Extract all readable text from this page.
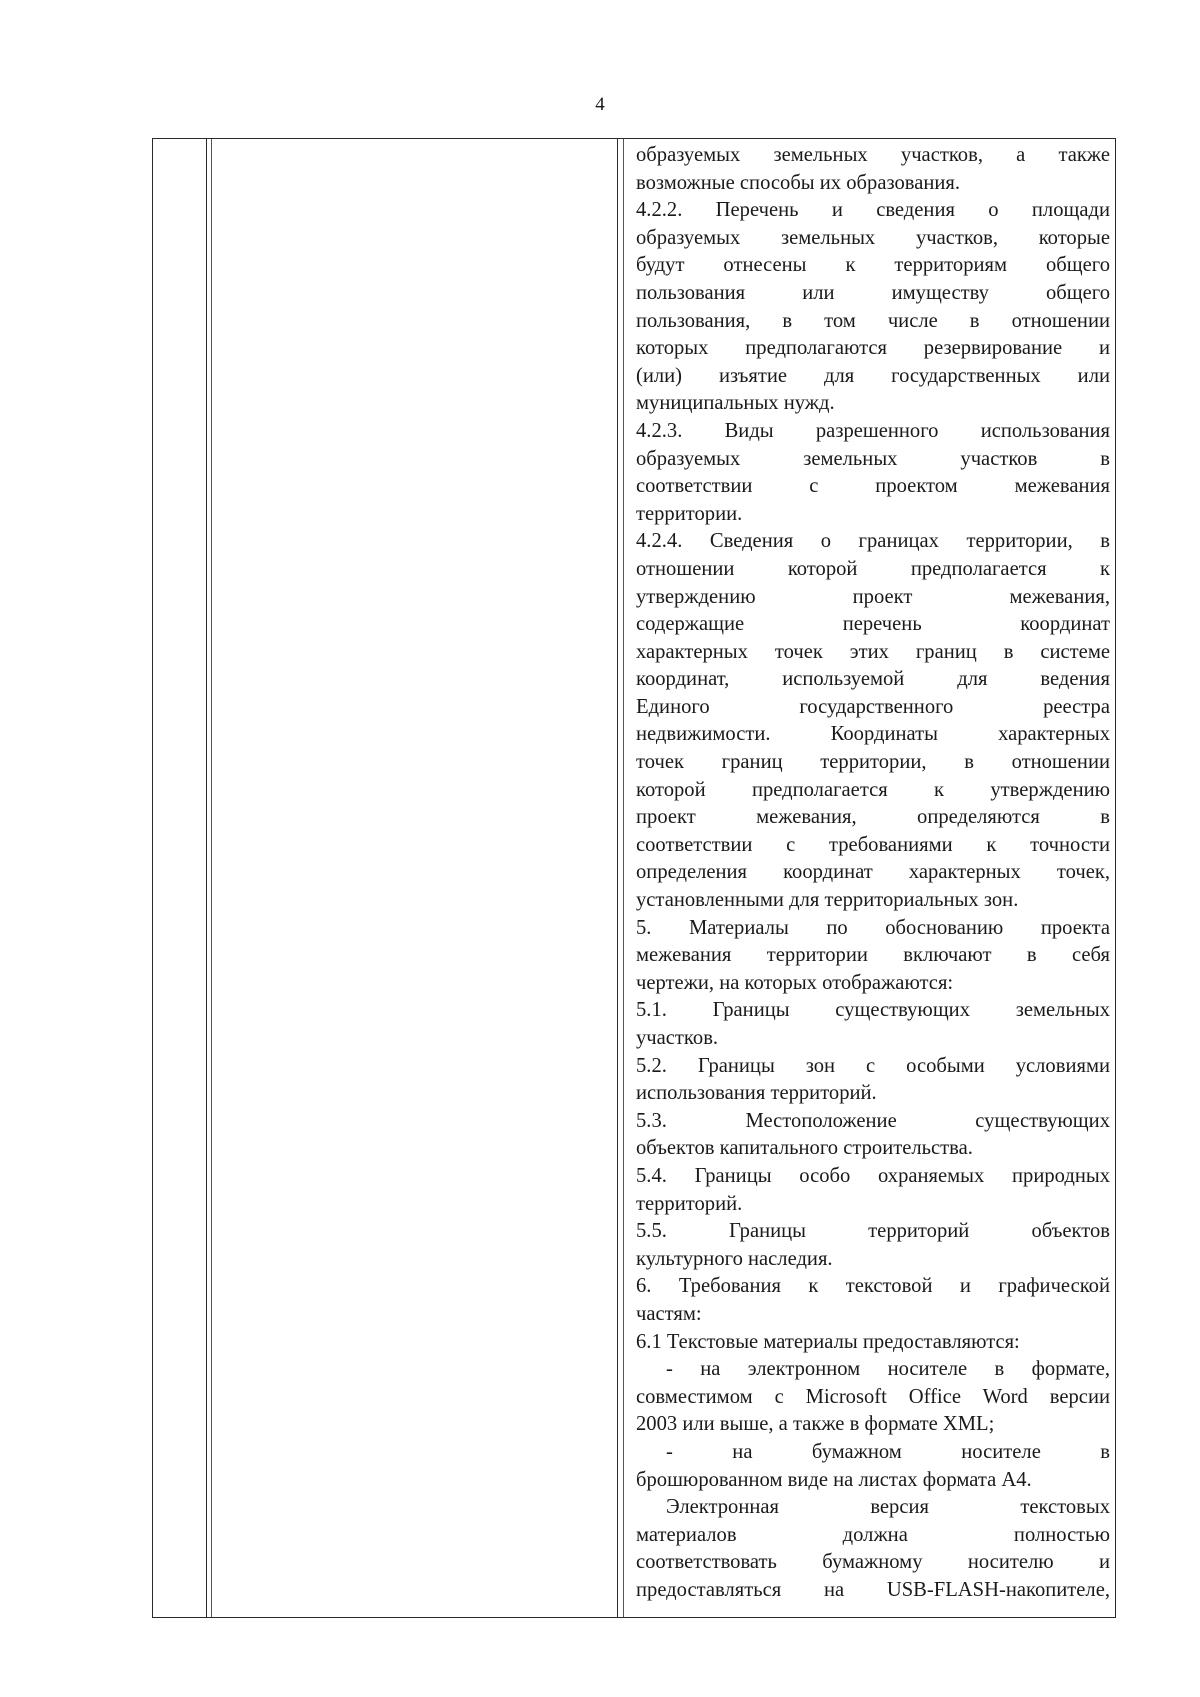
4

образуемых земельных участков, а также

возможные способы их образования.

4.2.2. Перечень и сведения о площади

образуемых земельных участков, которые

будут отнесены к территориям общего

пользования или имуществу общего

пользования, в том числе в отношении

которых предполагаются резервирование и

(или) изъятие для государственных или

муниципальных нужд.

4.2.3. Виды разрешенного использования

образуемых земельных участков в

соответствии с проектом межевания

территории.

4.2.4. Сведения о границах территории, в

отношении которой предполагается к

утверждению проект межевания,

содержащие перечень координат

характерных точек этих границ в системе

координат, используемой для ведения

Единого государственного реестра

недвижимости. Координаты характерных

точек границ территории, в отношении

которой предполагается к утверждению

проект межевания, определяются в

соответствии с требованиями к точности

определения координат характерных точек,

установленными для территориальных зон.

5. Материалы по обоснованию проекта

межевания территории включают в себя

чертежи, на которых отображаются:

5.1. Границы существующих земельных

участков.

5.2. Границы зон с особыми условиями

использования территорий.

5.3. Местоположение существующих

объектов капитального строительства.

5.4. Границы особо охраняемых природных

территорий.

5.5. Границы территорий объектов

культурного наследия.

6. Требования к текстовой и графической

частям:

6.1 Текстовые материалы предоставляются:

- на электронном носителе в формате,

совместимом с Microsoft Office Word версии

2003 или выше, а также в формате XML;

- на бумажном носителе в

брошюрованном виде на листах формата А4.

Электронная версия текстовых

материалов должна полностью

соответствовать бумажному носителю и

предоставляться на USB-FLASH-накопителе,
